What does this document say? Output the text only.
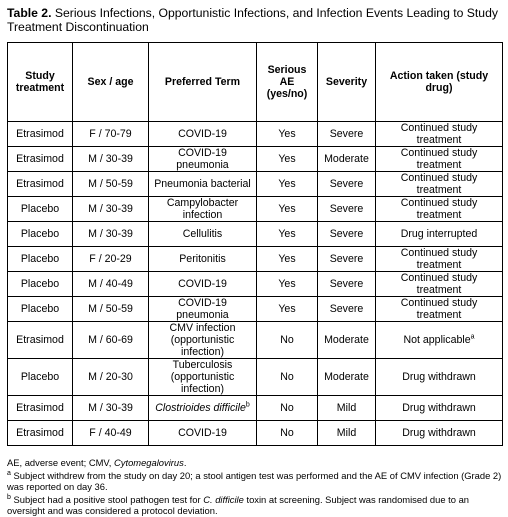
Table 2. Serious Infections, Opportunistic Infections, and Infection Events Leading to Study Treatment Discontinuation
Study treatment	Sex / age	Preferred Term	Serious AE (yes/no)	Severity	Action taken (study drug)
Etrasimod	F / 70-79	COVID-19	Yes	Severe	Continued study treatment
Etrasimod	M / 30-39	COVID-19 pneumonia	Yes	Moderate	Continued study treatment
Etrasimod	M / 50-59	Pneumonia bacterial	Yes	Severe	Continued study treatment
Placebo	M / 30-39	Campylobacter infection	Yes	Severe	Continued study treatment
Placebo	M / 30-39	Cellulitis	Yes	Severe	Drug interrupted
Placebo	F / 20-29	Peritonitis	Yes	Severe	Continued study treatment
Placebo	M / 40-49	COVID-19	Yes	Severe	Continued study treatment
Placebo	M / 50-59	COVID-19 pneumonia	Yes	Severe	Continued study treatment
Etrasimod	M / 60-69	CMV infection (opportunistic infection)	No	Moderate	Not applicable$^a$
Placebo	M / 20-30	Tuberculosis (opportunistic infection)	No	Moderate	Drug withdrawn
Etrasimod	M / 30-39	Clostrioides difficile$^b$	No	Mild	Drug withdrawn
Etrasimod	F / 40-49	COVID-19	No	Mild	Drug withdrawn

AE, adverse event; CMV, Cytomegalovirus.

$^a$ Subject withdrew from the study on day 20; a stool antigen test was performed and the AE of CMV infection (Grade 2) was reported on day 36.

$^b$ Subject had a positive stool pathogen test for C. difficile toxin at screening. Subject was randomised due to an oversight and was considered a protocol deviation.
